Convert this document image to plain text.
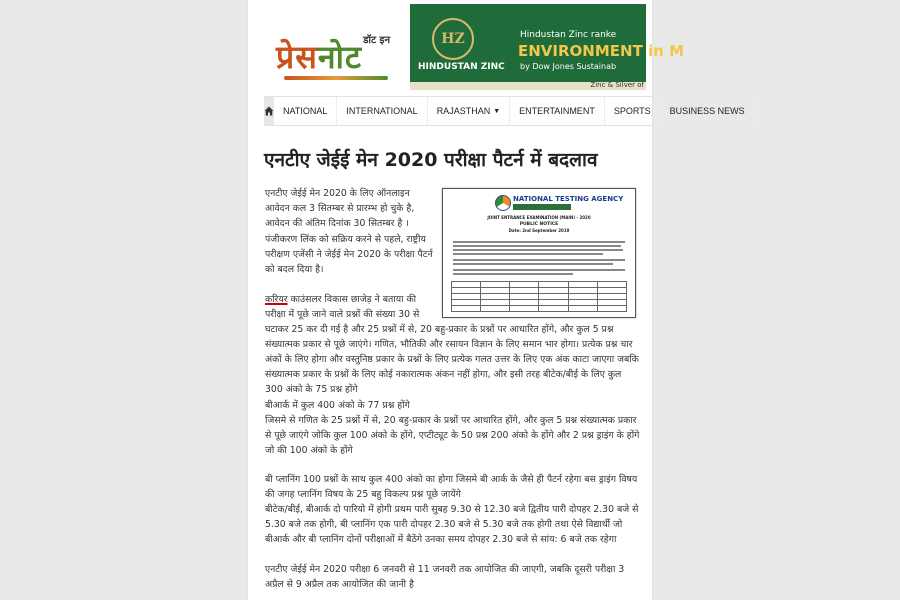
डॉट इन
प्रेसनोट	HZ
HINDUSTAN ZINC
Hindustan Zinc ranke
ENVIRONMENT in M
by Dow Jones Sustainab
Zinc & Silver of
NATIONAL INTERNATIONAL RAJASTHAN ▼ ENTERTAINMENT SPORTS BUSINESS NEWS
एनटीए जेईई मेन 2020 परीक्षा पैटर्न में बदलाव
एनटीए जेईई मेन 2020 के लिए ऑनलाइन आवेदन कल 3 सितम्बर से प्रारम्भ हो चुके है, आवेदन की अंतिम दिनांक 30 सितम्बर है ।
पंजीकरण लिंक को सक्रिय करने से पहले, राष्ट्रीय परीक्षण एजेंसी ने जेईई मेन 2020 के परीक्षा पैटर्न को बदल दिया है।
करियर काउंसलर विकास छाजेड़ ने बताया की परीक्षा में पूछे जाने वाले प्रश्नों की संख्या 30 से
NATIONAL TESTING AGENCY
JOINT ENTRANCE EXAMINATION (MAIN) - 2020
PUBLIC NOTICE
Date: 2nd September 2019

घटाकर 25 कर दी गई है और 25 प्रश्नों में से, 20 बहु-प्रकार के प्रश्नों पर आधारित होंगे, और कुल 5 प्रश्न संख्यात्मक प्रकार से पूछे जाएंगे। गणित, भौतिकी और रसायन विज्ञान के लिए समान भार होगा। प्रत्येक प्रश्न चार अंकों के लिए होगा और वस्तुनिष्ठ प्रकार के प्रश्नों के लिए प्रत्येक गलत उत्तर के लिए एक अंक काटा जाएगा जबकि संख्यात्मक प्रकार के प्रश्नों के लिए कोई नकारात्मक अंकन नहीं होगा, और इसी तरह बीटेक/बीई के लिए कुल 300 अंको के 75 प्रश्न होंगे
बीआर्क में कुल 400 अंको के 77 प्रश्न होंगे
जिसमे से गणित के 25 प्रश्नों में से, 20 बहु-प्रकार के प्रश्नों पर आधारित होंगे, और कुल 5 प्रश्न संख्यात्मक प्रकार से पूछे जाएंगे जोकि कुल 100 अंको के होंगे, एप्टीट्यूट के 50 प्रश्न 200 अंको के होंगे और 2 प्रश्न ड्राइंग के होंगे जो की 100 अंको के होंगे
बी प्लानिंग 100 प्रश्नों के साथ कुल 400 अंको का होगा जिसमे बी आर्क के जैसे ही पैटर्न रहेगा बस ड्राइंग विषय की जगह प्लानिंग विषय के 25 बहु विकल्प प्रश्न पूछे जायेंगे
बीटेक/बीई, बीआर्क दो पारियो में होगी प्रथम पारी सुबह 9.30 से 12.30 बजे द्वितीय पारी दोपहर 2.30 बजे से 5.30 बजे तक होगी, बी प्लानिंग एक पारी दोपहर 2.30 बजे से 5.30 बजे तक होगी तथा ऐसे विद्यार्थी जो बीआर्क और बी प्लानिंग दोनों परीक्षाओं में बैठेंगे उनका समय दोपहर 2.30 बजे से सांय: 6 बजे तक रहेगा
एनटीए जेईई मेन 2020 परीक्षा 6 जनवरी से 11 जनवरी तक आयोजित की जाएगी, जबकि दूसरी परीक्षा 3 अप्रैल से 9 अप्रैल तक आयोजित की जानी है
